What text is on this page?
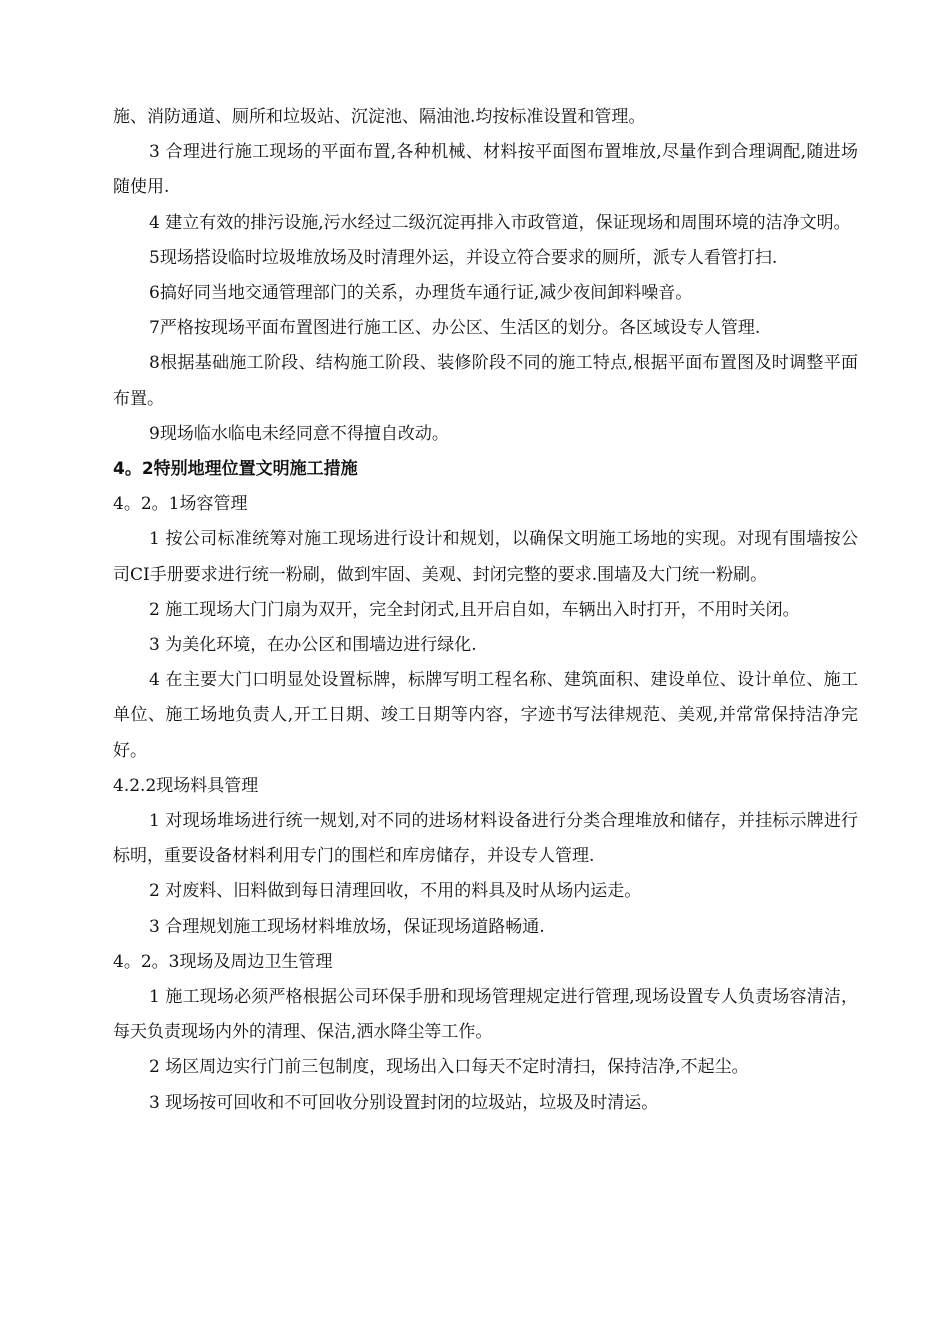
施、消防通道、厕所和垃圾站、沉淀池、隔油池.均按标准设置和管理。

3 合理进行施工现场的平面布置,各种机械、材料按平面图布置堆放,尽量作到合理调配,随进场随使用.

4 建立有效的排污设施,污水经过二级沉淀再排入市政管道，保证现场和周围环境的洁净文明。

5现场搭设临时垃圾堆放场及时清理外运，并设立符合要求的厕所，派专人看管打扫.

6搞好同当地交通管理部门的关系，办理货车通行证,减少夜间卸料噪音。

7严格按现场平面布置图进行施工区、办公区、生活区的划分。各区域设专人管理.

8根据基础施工阶段、结构施工阶段、装修阶段不同的施工特点,根据平面布置图及时调整平面布置。

9现场临水临电未经同意不得擅自改动。

4。2特别地理位置文明施工措施

4。2。1场容管理

1 按公司标准统筹对施工现场进行设计和规划，以确保文明施工场地的实现。对现有围墙按公司CI手册要求进行统一粉刷，做到牢固、美观、封闭完整的要求.围墙及大门统一粉刷。

2 施工现场大门门扇为双开，完全封闭式,且开启自如，车辆出入时打开，不用时关闭。

3 为美化环境，在办公区和围墙边进行绿化.

4 在主要大门口明显处设置标牌，标牌写明工程名称、建筑面积、建设单位、设计单位、施工单位、施工场地负责人,开工日期、竣工日期等内容，字迹书写法律规范、美观,并常常保持洁净完好。

4.2.2现场料具管理

1 对现场堆场进行统一规划,对不同的进场材料设备进行分类合理堆放和储存，并挂标示牌进行标明，重要设备材料利用专门的围栏和库房储存，并设专人管理.

2 对废料、旧料做到每日清理回收，不用的料具及时从场内运走。

3 合理规划施工现场材料堆放场，保证现场道路畅通.

4。2。3现场及周边卫生管理

1 施工现场必须严格根据公司环保手册和现场管理规定进行管理,现场设置专人负责场容清洁，每天负责现场内外的清理、保洁,洒水降尘等工作。

2 场区周边实行门前三包制度，现场出入口每天不定时清扫，保持洁净,不起尘。

3 现场按可回收和不可回收分别设置封闭的垃圾站，垃圾及时清运。
